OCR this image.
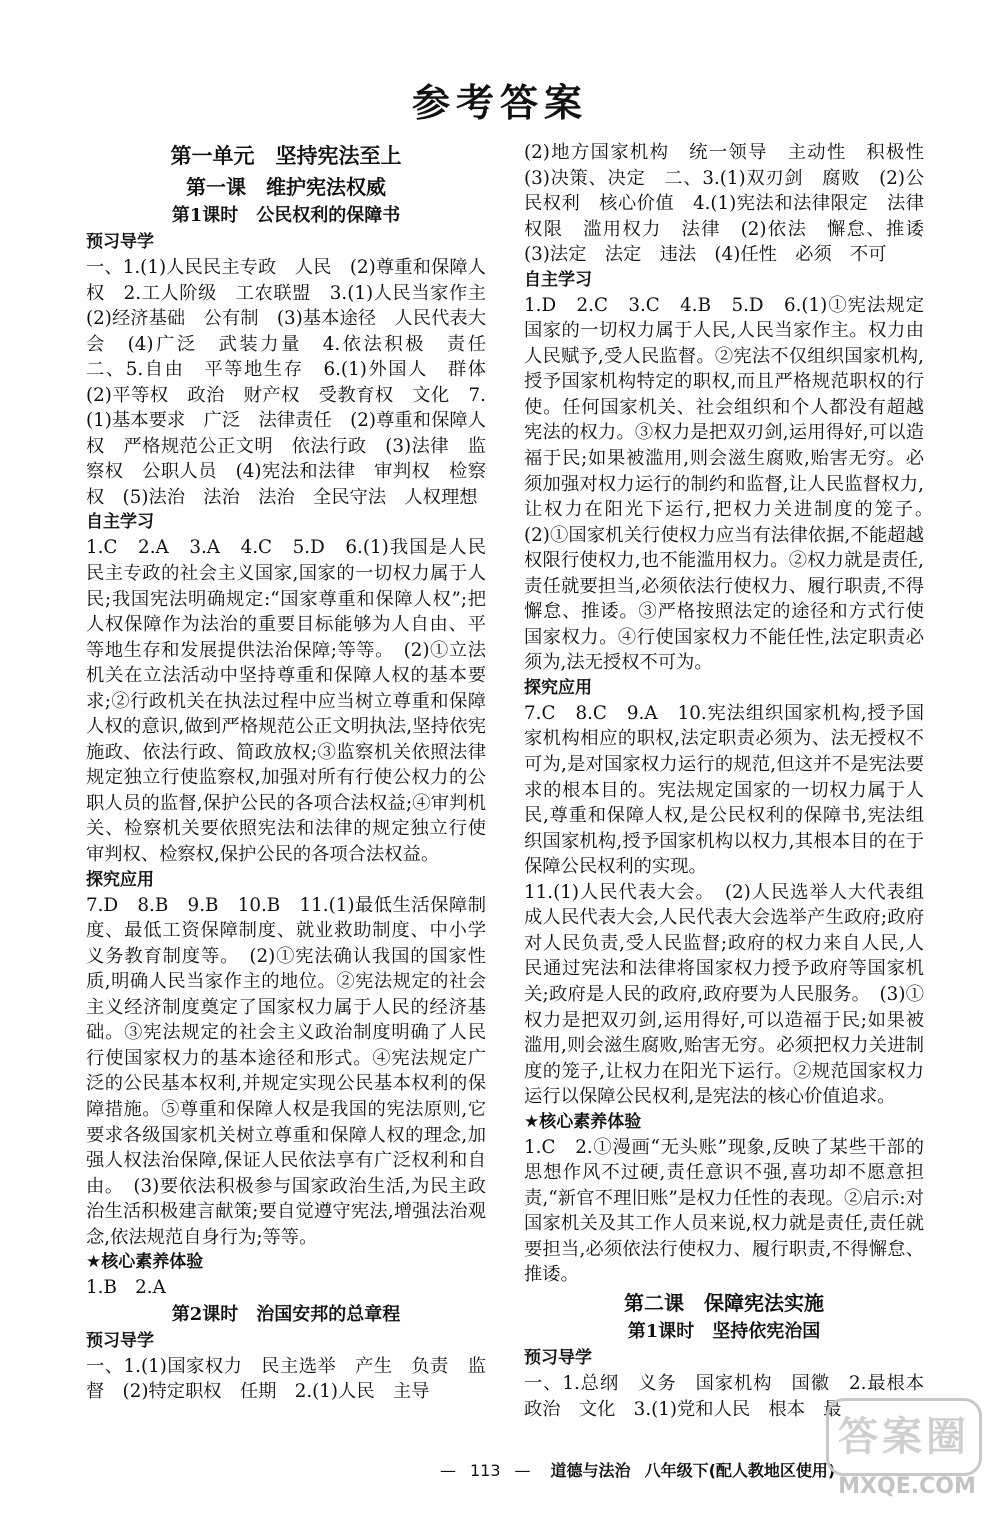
参考答案
第一单元　坚持宪法至上
第一课　维护宪法权威
第1课时　公民权利的保障书
预习导学

一、1.(1)人民民主专政　人民　(2)尊重和保障人权　2.工人阶级　工农联盟　3.(1)人民当家作主　(2)经济基础　公有制　(3)基本途径　人民代表大会　(4)广泛　武装力量　4.依法积极　责任　二、5.自由　平等地生存　6.(1)外国人　群体　(2)平等权　政治　财产权　受教育权　文化　7.(1)基本要求　广泛　法律责任　(2)尊重和保障人权　严格规范公正文明　依法行政　(3)法律　监察权　公职人员　(4)宪法和法律　审判权　检察权　(5)法治　法治　法治　全民守法　人权理想

自主学习

1.C　2.A　3.A　4.C　5.D　6.(1)我国是人民民主专政的社会主义国家,国家的一切权力属于人民;我国宪法明确规定:“国家尊重和保障人权”;把人权保障作为法治的重要目标能够为人自由、平等地生存和发展提供法治保障;等等。　(2)①立法机关在立法活动中坚持尊重和保障人权的基本要求;②行政机关在执法过程中应当树立尊重和保障人权的意识,做到严格规范公正文明执法,坚持依宪施政、依法行政、简政放权;③监察机关依照法律规定独立行使监察权,加强对所有行使公权力的公职人员的监督,保护公民的各项合法权益;④审判机关、检察机关要依照宪法和法律的规定独立行使审判权、检察权,保护公民的各项合法权益。

探究应用

7.D　8.B　9.B　10.B　11.(1)最低生活保障制度、最低工资保障制度、就业救助制度、中小学义务教育制度等。　(2)①宪法确认我国的国家性质,明确人民当家作主的地位。②宪法规定的社会主义经济制度奠定了国家权力属于人民的经济基础。③宪法规定的社会主义政治制度明确了人民行使国家权力的基本途径和形式。④宪法规定广泛的公民基本权利,并规定实现公民基本权利的保障措施。⑤尊重和保障人权是我国的宪法原则,它要求各级国家机关树立尊重和保障人权的理念,加强人权法治保障,保证人民依法享有广泛权利和自由。　(3)要依法积极参与国家政治生活,为民主政治生活积极建言献策;要自觉遵守宪法,增强法治观念,依法规范自身行为;等等。

★核心素养体验

1.B　2.A

第2课时　治国安邦的总章程
预习导学

一、1.(1)国家权力　民主选举　产生　负责　监督　(2)特定职权　任期　2.(1)人民　主导

(2)地方国家机构　统一领导　主动性　积极性　(3)决策、决定　二、3.(1)双刃剑　腐败　(2)公民权利　核心价值　4.(1)宪法和法律限定　法律　权限　滥用权力　法律　(2)依法　懈怠、推诿　(3)法定　法定　违法　(4)任性　必须　不可

自主学习

1.D　2.C　3.C　4.B　5.D　6.(1)①宪法规定国家的一切权力属于人民,人民当家作主。权力由人民赋予,受人民监督。②宪法不仅组织国家机构,授予国家机构特定的职权,而且严格规范职权的行使。任何国家机关、社会组织和个人都没有超越宪法的权力。③权力是把双刃剑,运用得好,可以造福于民;如果被滥用,则会滋生腐败,贻害无穷。必须加强对权力运行的制约和监督,让人民监督权力,让权力在阳光下运行,把权力关进制度的笼子。　(2)①国家机关行使权力应当有法律依据,不能超越权限行使权力,也不能滥用权力。②权力就是责任,责任就要担当,必须依法行使权力、履行职责,不得懈怠、推诿。③严格按照法定的途径和方式行使国家权力。④行使国家权力不能任性,法定职责必须为,法无授权不可为。

探究应用

7.C　8.C　9.A　10.宪法组织国家机构,授予国家机构相应的职权,法定职责必须为、法无授权不可为,是对国家权力运行的规范,但这并不是宪法要求的根本目的。宪法规定国家的一切权力属于人民,尊重和保障人权,是公民权利的保障书,宪法组织国家机构,授予国家机构以权力,其根本目的在于保障公民权利的实现。

11.(1)人民代表大会。　(2)人民选举人大代表组成人民代表大会,人民代表大会选举产生政府;政府对人民负责,受人民监督;政府的权力来自人民,人民通过宪法和法律将国家权力授予政府等国家机关;政府是人民的政府,政府要为人民服务。　(3)①权力是把双刃剑,运用得好,可以造福于民;如果被滥用,则会滋生腐败,贻害无穷。必须把权力关进制度的笼子,让权力在阳光下运行。②规范国家权力运行以保障公民权利,是宪法的核心价值追求。

★核心素养体验

1.C　2.①漫画“无头账”现象,反映了某些干部的思想作风不过硬,责任意识不强,喜功却不愿意担责,“新官不理旧账”是权力任性的表现。②启示:对国家机关及其工作人员来说,权力就是责任,责任就要担当,必须依法行使权力、履行职责,不得懈怠、推诿。

第二课　保障宪法实施
第1课时　坚持依宪治国
预习导学

一、1.总纲　义务　国家机构　国徽　2.最根本　政治　文化　3.(1)党和人民　根本　最

— 113 — 道德与法治 八年级下(配人教地区使用)
答案圈
MXQE.COM
